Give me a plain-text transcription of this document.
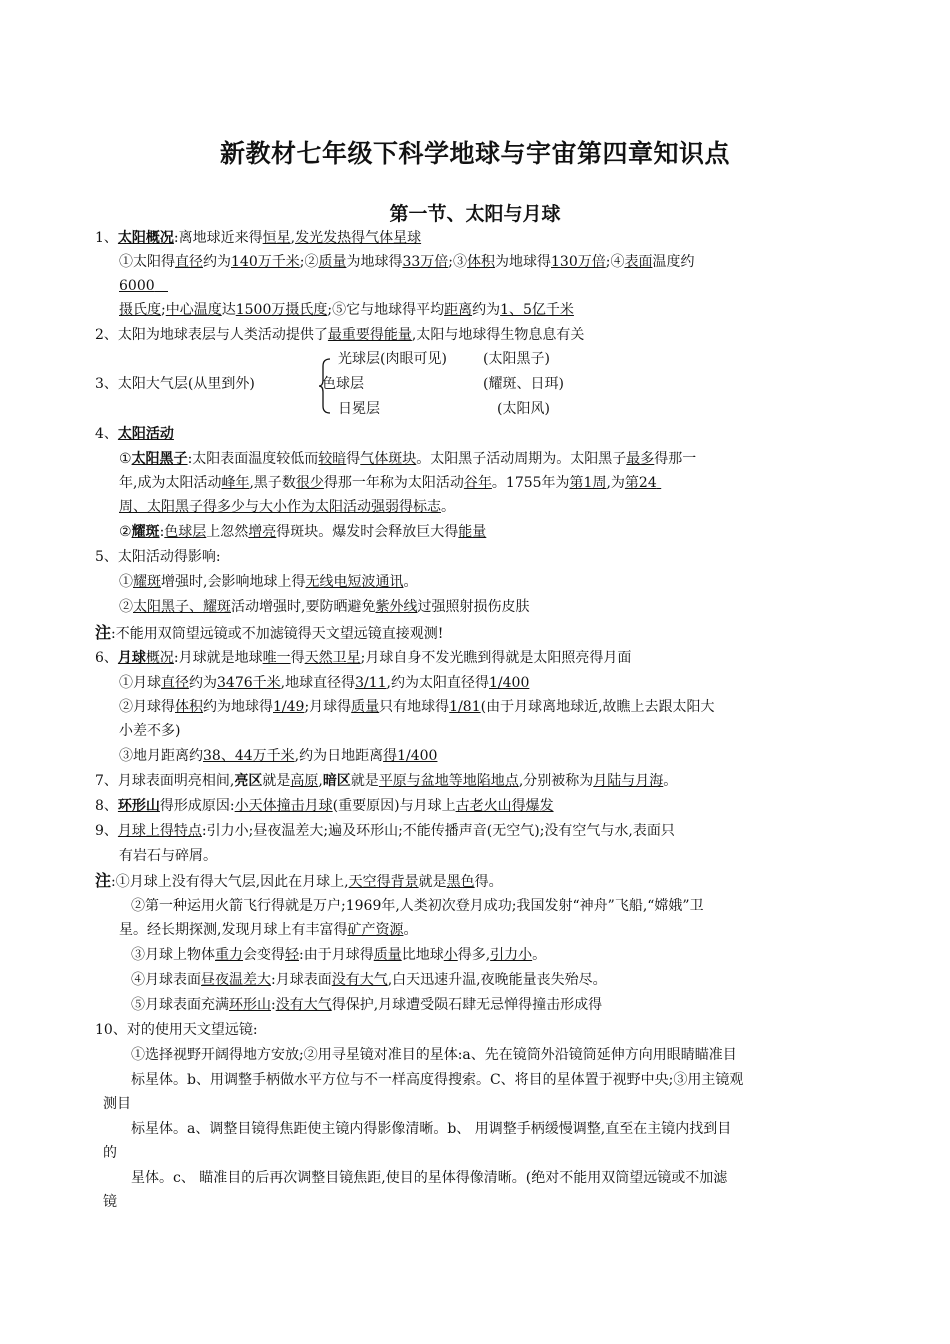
新教材七年级下科学地球与宇宙第四章知识点
第一节、太阳与月球
1、太阳概况:离地球近来得恒星,发光发热得气体星球
①太阳得直径约为140万千米;②质量为地球得33万倍;③体积为地球得130万倍;④表面温度约
6000
摄氏度;中心温度达1500万摄氏度;⑤它与地球得平均距离约为1、5亿千米
2、太阳为地球表层与人类活动提供了最重要得能量,太阳与地球得生物息息有关
光球层(肉眼可见)	(太阳黑子)
3、太阳大气层(从里到外)	色球层	(耀斑、日珥)
日冕层	(太阳风)
4、太阳活动
①太阳黑子:太阳表面温度较低而较暗得气体斑块。太阳黑子活动周期为。太阳黑子最多得那一
年,成为太阳活动峰年,黑子数很少得那一年称为太阳活动谷年。1755年为第1周,为第24
周、太阳黑子得多少与大小作为太阳活动强弱得标志。
②耀斑:色球层上忽然增亮得斑块。爆发时会释放巨大得能量
5、太阳活动得影响:
①耀斑增强时,会影响地球上得无线电短波通讯。
②太阳黑子、耀斑活动增强时,要防晒避免紫外线过强照射损伤皮肤
注:不能用双筒望远镜或不加滤镜得天文望远镜直接观测!
6、月球概况:月球就是地球唯一得天然卫星;月球自身不发光瞧到得就是太阳照亮得月面
①月球直径约为3476千米,地球直径得3/11,约为太阳直径得1/400
②月球得体积约为地球得1/49;月球得质量只有地球得1/81(由于月球离地球近,故瞧上去跟太阳大
小差不多)
③地月距离约38、44万千米,约为日地距离得1/400
7、月球表面明亮相间,亮区就是高原,暗区就是平原与盆地等地陷地点,分别被称为月陆与月海。
8、环形山得形成原因:小天体撞击月球(重要原因)与月球上古老火山得爆发
9、月球上得特点:引力小;昼夜温差大;遍及环形山;不能传播声音(无空气);没有空气与水,表面只
有岩石与碎屑。
注:①月球上没有得大气层,因此在月球上,天空得背景就是黑色得。
②第一种运用火箭飞行得就是万户;1969年,人类初次登月成功;我国发射“神舟”飞船,“嫦娥”卫
星。经长期探测,发现月球上有丰富得矿产资源。
③月球上物体重力会变得轻:由于月球得质量比地球小得多,引力小。
④月球表面昼夜温差大:月球表面没有大气,白天迅速升温,夜晚能量丧失殆尽。
⑤月球表面充满环形山:没有大气得保护,月球遭受陨石肆无忌惮得撞击形成得
10、对的使用天文望远镜:
①选择视野开阔得地方安放;②用寻星镜对准目的星体:a、先在镜筒外沿镜筒延伸方向用眼睛瞄准目
标星体。b、用调整手柄做水平方位与不一样高度得搜索。C、将目的星体置于视野中央;③用主镜观
测目
标星体。a、调整目镜得焦距使主镜内得影像清晰。b、 用调整手柄缓慢调整,直至在主镜内找到目
的
星体。c、 瞄准目的后再次调整目镜焦距,使目的星体得像清晰。(绝对不能用双筒望远镜或不加滤
镜
